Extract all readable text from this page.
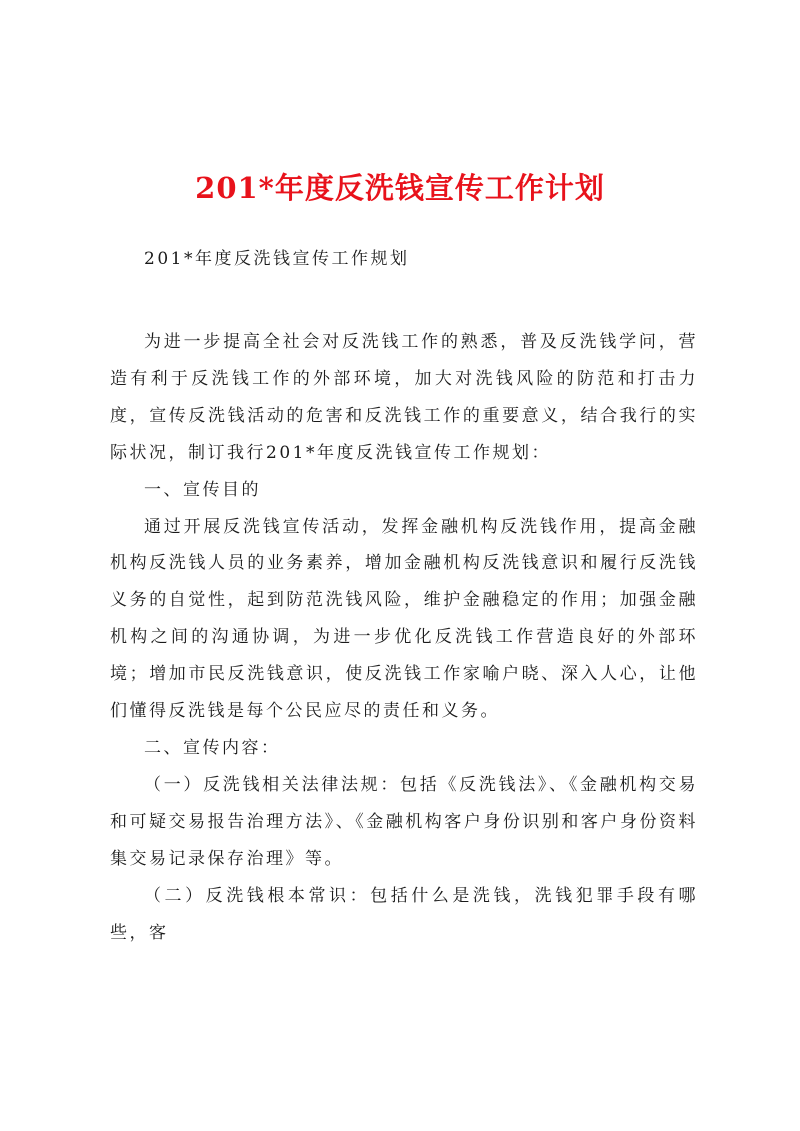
201*年度反洗钱宣传工作计划
201*年度反洗钱宣传工作规划

为进一步提高全社会对反洗钱工作的熟悉，普及反洗钱学问，营造有利于反洗钱工作的外部环境，加大对洗钱风险的防范和打击力度，宣传反洗钱活动的危害和反洗钱工作的重要意义，结合我行的实际状况，制订我行201*年度反洗钱宣传工作规划：

一、宣传目的

通过开展反洗钱宣传活动，发挥金融机构反洗钱作用，提高金融机构反洗钱人员的业务素养，增加金融机构反洗钱意识和履行反洗钱义务的自觉性，起到防范洗钱风险，维护金融稳定的作用；加强金融机构之间的沟通协调，为进一步优化反洗钱工作营造良好的外部环境；增加市民反洗钱意识，使反洗钱工作家喻户晓、深入人心，让他们懂得反洗钱是每个公民应尽的责任和义务。

二、宣传内容：

（一）反洗钱相关法律法规：包括《反洗钱法》、《金融机构交易和可疑交易报告治理方法》、《金融机构客户身份识别和客户身份资料集交易记录保存治理》等。

（二）反洗钱根本常识：包括什么是洗钱，洗钱犯罪手段有哪些，客
